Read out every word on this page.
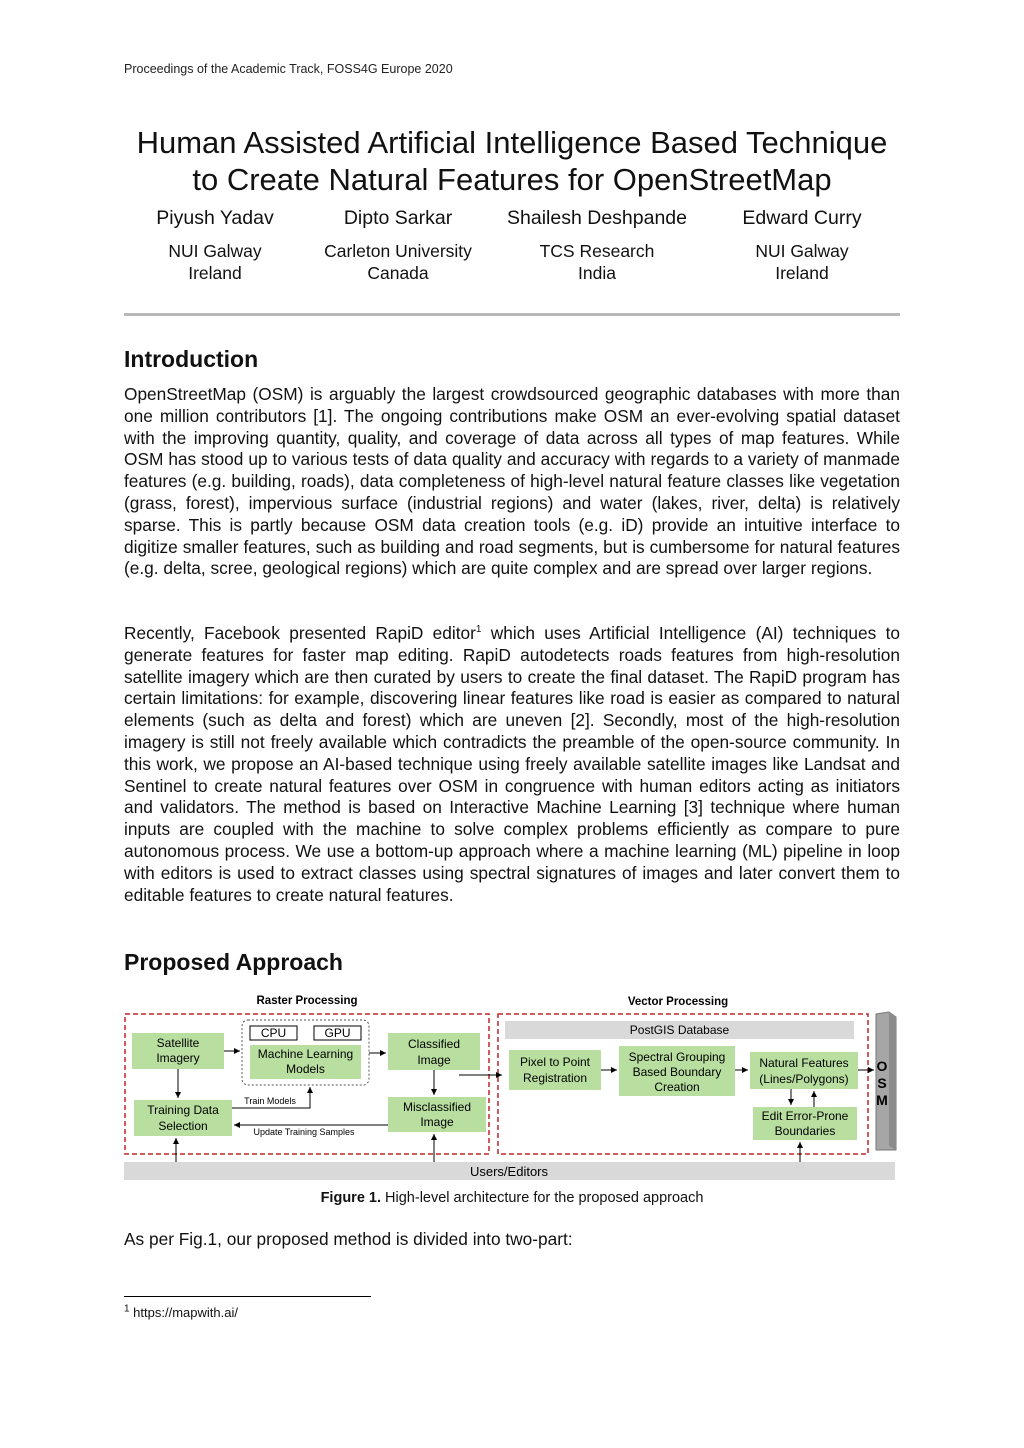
Proceedings of the Academic Track, FOSS4G Europe 2020
Human Assisted Artificial Intelligence Based Technique
to Create Natural Features for OpenStreetMap
Piyush Yadav
NUI Galway
Ireland
Dipto Sarkar
Carleton University
Canada
Shailesh Deshpande
TCS Research
India
Edward Curry
NUI Galway
Ireland
Introduction

OpenStreetMap (OSM) is arguably the largest crowdsourced geographic databases with more than one million contributors [1]. The ongoing contributions make OSM an ever-evolving spatial dataset with the improving quantity, quality, and coverage of data across all types of map features. While OSM has stood up to various tests of data quality and accuracy with regards to a variety of manmade features (e.g. building, roads), data completeness of high-level natural feature classes like vegetation (grass, forest), impervious surface (industrial regions) and water (lakes, river, delta) is relatively sparse. This is partly because OSM data creation tools (e.g. iD) provide an intuitive interface to digitize smaller features, such as building and road segments, but is cumbersome for natural features (e.g. delta, scree, geological regions) which are quite complex and are spread over larger regions.

Recently, Facebook presented RapiD editor$^1$ which uses Artificial Intelligence (AI) techniques to generate features for faster map editing. RapiD autodetects roads features from high-resolution satellite imagery which are then curated by users to create the final dataset. The RapiD program has certain limitations: for example, discovering linear features like road is easier as compared to natural elements (such as delta and forest) which are uneven [2]. Secondly, most of the high-resolution imagery is still not freely available which contradicts the preamble of the open-source community. In this work, we propose an AI-based technique using freely available satellite images like Landsat and Sentinel to create natural features over OSM in congruence with human editors acting as initiators and validators. The method is based on Interactive Machine Learning [3] technique where human inputs are coupled with the machine to solve complex problems efficiently as compare to pure autonomous process. We use a bottom-up approach where a machine learning (ML) pipeline in loop with editors is used to extract classes using spectral signatures of images and later convert them to editable features to create natural features.

Proposed Approach
Raster Processing	Vector Processing
Satellite
Imagery
CPU	GPU
Machine Learning
Models
Classified
Image
Training Data
Selection
Misclassified
Image
Train Models
Update Training Samples
PostGIS Database
Pixel to Point
Registration
Spectral Grouping
Based Boundary
Creation
Natural Features
(Lines/Polygons)
Edit Error-Prone
Boundaries
O
S
M
Users/Editors
Figure 1. High-level architecture for the proposed approach

As per Fig.1, our proposed method is divided into two-part:

$^1$ https://mapwith.ai/
